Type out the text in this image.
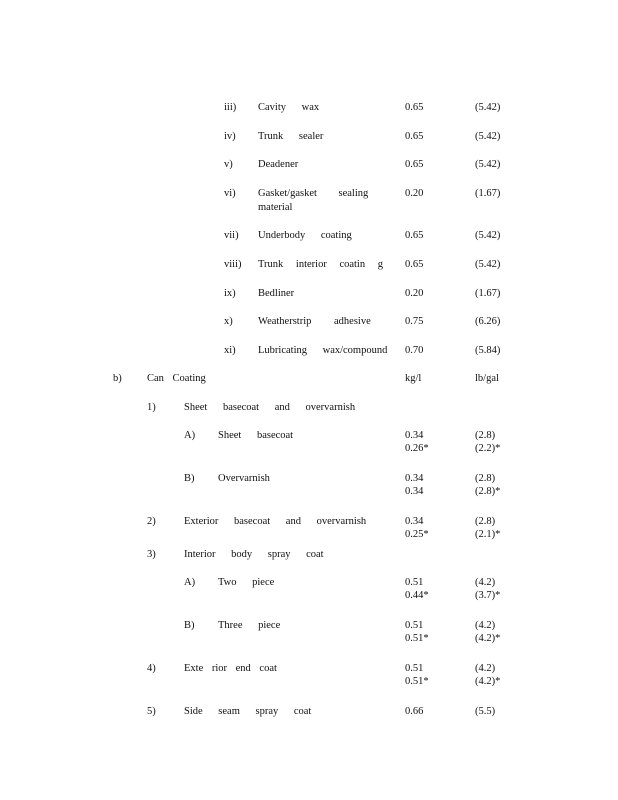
iii) Cavity wax	0.65	(5.42)
iv) Trunk sealer	0.65	(5.42)
v) Deadener	0.65	(5.42)
vi) Gasket/gasket sealing
material
0.20	(1.67)
vii) Underbody coating	0.65	(5.42)
viii) Trunk interior coatin g 0.65	(5.42)
ix) Bedliner	0.20	(1.67)
x) Weatherstrip adhesive	0.75	(6.26)
xi) Lubricating wax/compound 0.70	(5.84)
b) Can Coating	kg/l	lb/gal
1)	Sheet basecoat and overvarnish
A) Sheet basecoat	0.34	(2.8)
0.26*	(2.2)*
B) Overvarnish	0.34	(2.8)
0.34	(2.8)*
2)	Exterior basecoat and overvarnish	0.34	(2.8)
0.25*	(2.1)*
3)	Interior body spray coat
A) Two piece	0.51	(4.2)
0.44*	(3.7)*
B) Three piece	0.51	(4.2)
0.51*	(4.2)*
4)	Exte rior end coat	0.51	(4.2)
0.51*	(4.2)*
5)	Side seam spray coat	0.66	(5.5)
